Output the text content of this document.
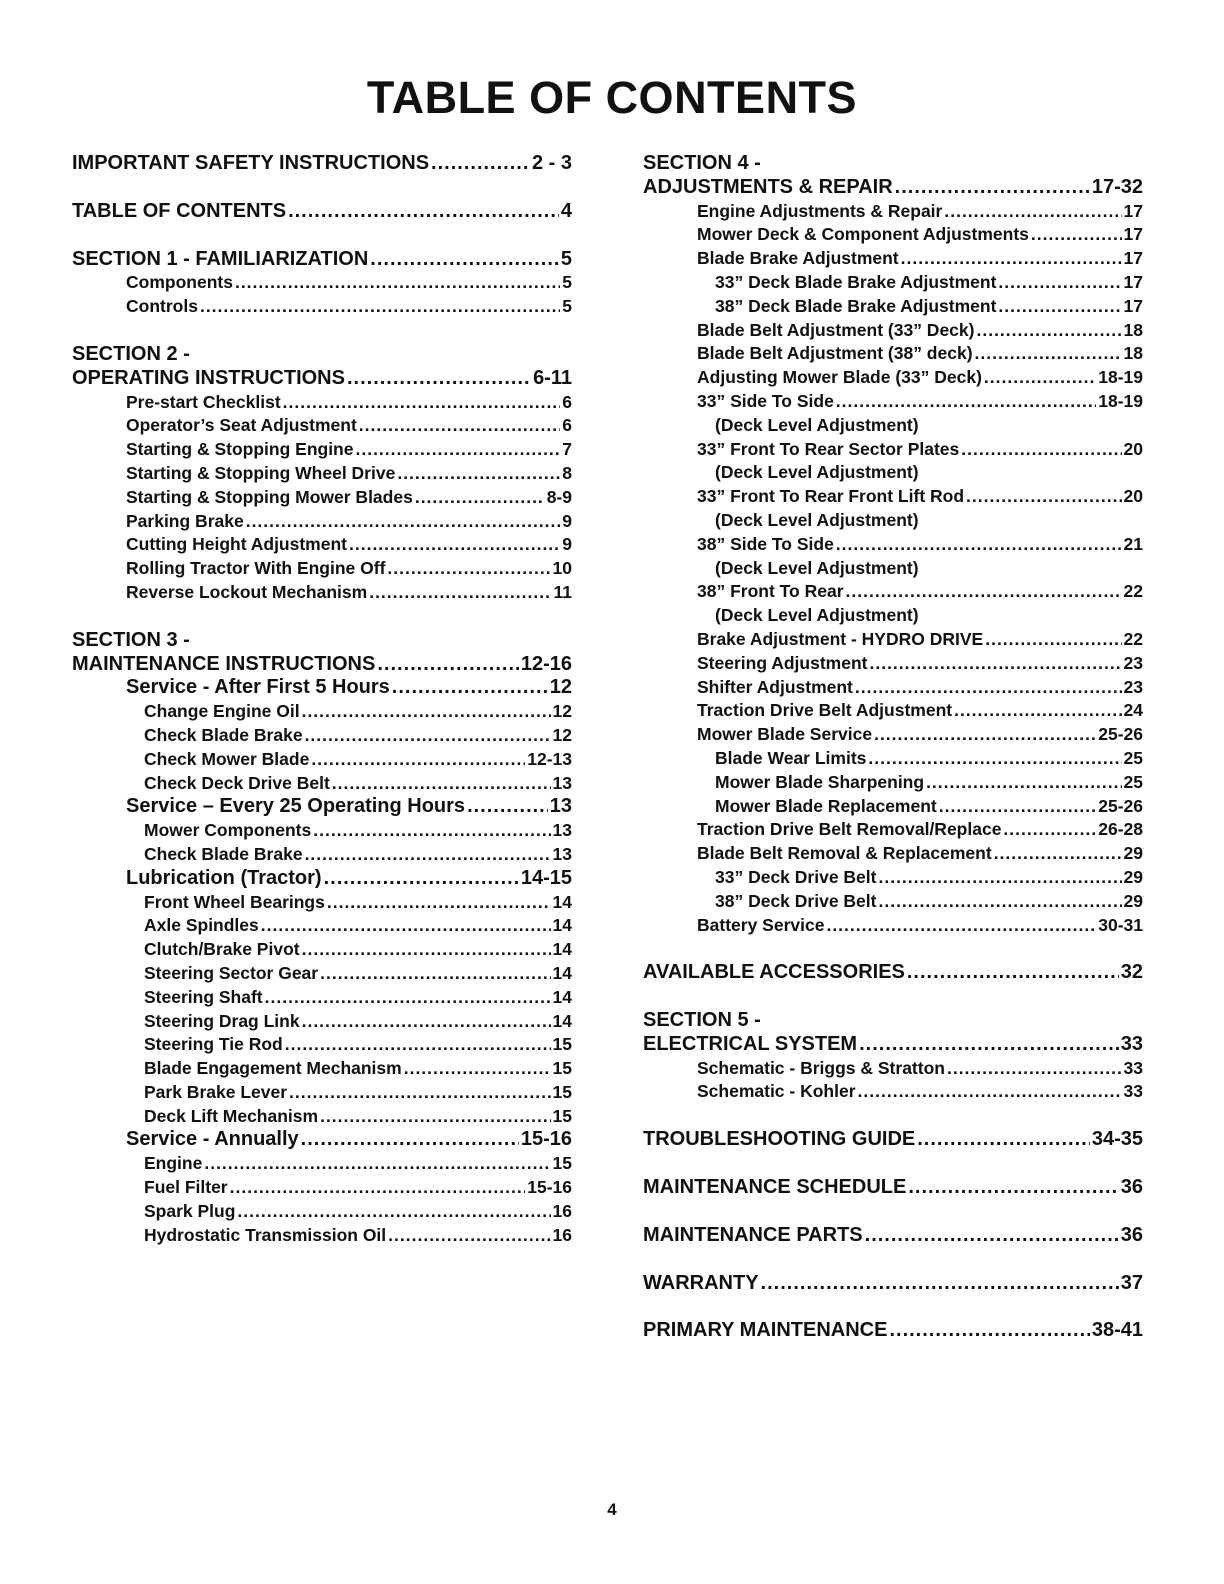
TABLE OF CONTENTS
IMPORTANT SAFETY INSTRUCTIONS .....	2 - 3
TABLE OF CONTENTS .....	4
SECTION 1 - FAMILIARIZATION .....	5
Components .....	5
Controls .....	5
SECTION 2 -
OPERATING INSTRUCTIONS .....	6-11
Pre-start Checklist .....	6
Operator’s Seat Adjustment .....	6
Starting & Stopping Engine .....	7
Starting & Stopping Wheel Drive .....	8
Starting & Stopping Mower Blades .....	8-9
Parking Brake .....	9
Cutting Height Adjustment .....	9
Rolling Tractor With Engine Off .....	10
Reverse Lockout Mechanism .....	11
SECTION 3 -
MAINTENANCE INSTRUCTIONS .....	12-16
Service - After First 5 Hours .....	12
Change Engine Oil .....	12
Check Blade Brake .....	12
Check Mower Blade .....	12-13
Check Deck Drive Belt .....	13
Service – Every 25 Operating Hours .....	13
Mower Components .....	13
Check Blade Brake .....	13
Lubrication (Tractor) .....	14-15
Front Wheel Bearings .....	14
Axle Spindles .....	14
Clutch/Brake Pivot .....	14
Steering Sector Gear .....	14
Steering Shaft .....	14
Steering Drag Link .....	14
Steering Tie Rod .....	15
Blade Engagement Mechanism .....	15
Park Brake Lever .....	15
Deck Lift Mechanism .....	15
Service - Annually .....	15-16
Engine .....	15
Fuel Filter .....	15-16
Spark Plug .....	16
Hydrostatic Transmission Oil .....	16
SECTION 4 -
ADJUSTMENTS & REPAIR .....	17-32
Engine Adjustments & Repair .....	17
Mower Deck & Component Adjustments .....	17
Blade Brake Adjustment .....	17
33” Deck Blade Brake Adjustment .....	17
38” Deck Blade Brake Adjustment .....	17
Blade Belt Adjustment (33” Deck) .....	18
Blade Belt Adjustment (38” deck) .....	18
Adjusting Mower Blade (33” Deck) .....	18-19
33” Side To Side .....	18-19
(Deck Level Adjustment)
33” Front To Rear Sector Plates .....	20
(Deck Level Adjustment)
33” Front To Rear Front Lift Rod .....	20
(Deck Level Adjustment)
38” Side To Side .....	21
(Deck Level Adjustment)
38” Front To Rear .....	22
(Deck Level Adjustment)
Brake Adjustment - HYDRO DRIVE .....	22
Steering Adjustment .....	23
Shifter Adjustment .....	23
Traction Drive Belt Adjustment .....	24
Mower Blade Service .....	25-26
Blade Wear Limits .....	25
Mower Blade Sharpening .....	25
Mower Blade Replacement .....	25-26
Traction Drive Belt Removal/Replace .....	26-28
Blade Belt Removal & Replacement .....	29
33” Deck Drive Belt .....	29
38” Deck Drive Belt .....	29
Battery Service .....	30-31
AVAILABLE ACCESSORIES .....	32
SECTION 5 -
ELECTRICAL SYSTEM .....	33
Schematic - Briggs & Stratton .....	33
Schematic - Kohler .....	33
TROUBLESHOOTING GUIDE .....	34-35
MAINTENANCE SCHEDULE .....	36
MAINTENANCE PARTS .....	36
WARRANTY .....	37
PRIMARY MAINTENANCE .....	38-41
4
